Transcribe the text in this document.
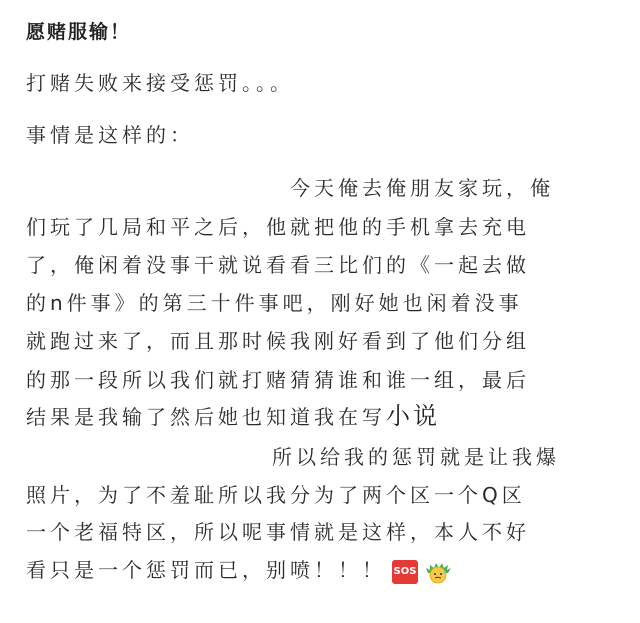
愿赌服输！
打赌失败来接受惩罚。。。
事情是这样的：
今天俺去俺朋友家玩，俺
们玩了几局和平之后，他就把他的手机拿去充电
了，俺闲着没事干就说看看三比们的《一起去做
的n件事》的第三十件事吧，刚好她也闲着没事
就跑过来了，而且那时候我刚好看到了他们分组
的那一段所以我们就打赌猜猜谁和谁一组，最后
结果是我输了然后她也知道我在写小说
所以给我的惩罚就是让我爆
照片，为了不羞耻所以我分为了两个区一个Q区
一个老福特区，所以呢事情就是这样，本人不好
看只是一个惩罚而已，别喷！！！ SOS
